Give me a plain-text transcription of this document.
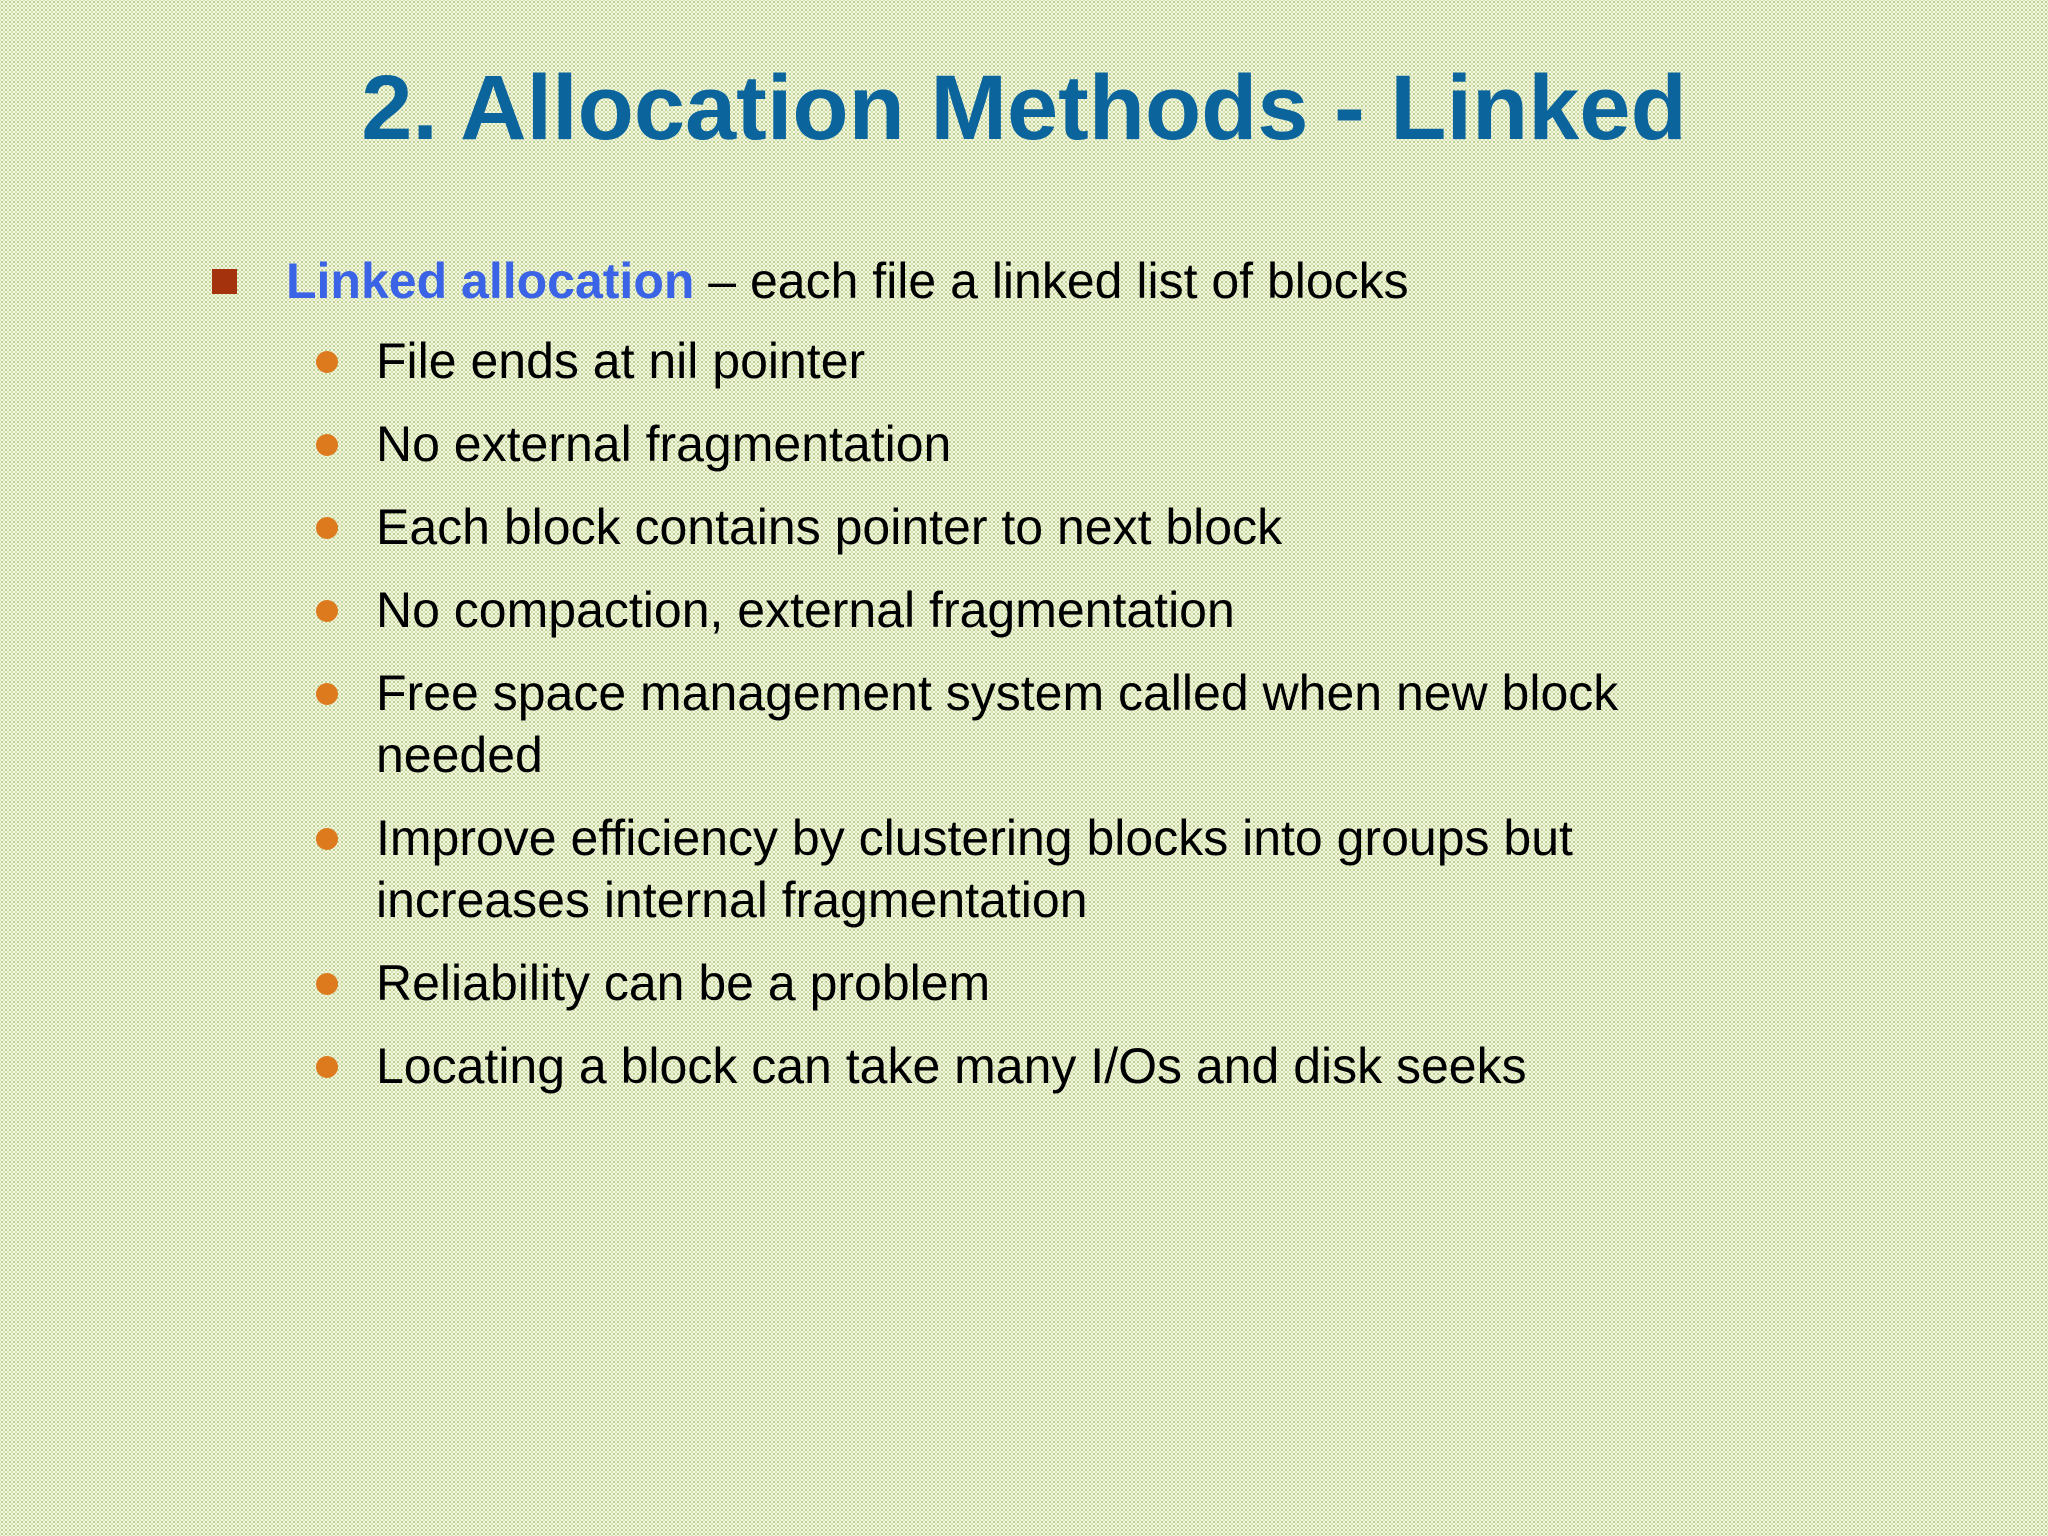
2. Allocation Methods - Linked
Linked allocation – each file a linked list of blocks
File ends at nil pointer
No external fragmentation
Each block contains pointer to next block
No compaction, external fragmentation
Free space management system called when new block needed
Improve efficiency by clustering blocks into groups but increases internal fragmentation
Reliability can be a problem
Locating a block can take many I/Os and disk seeks
